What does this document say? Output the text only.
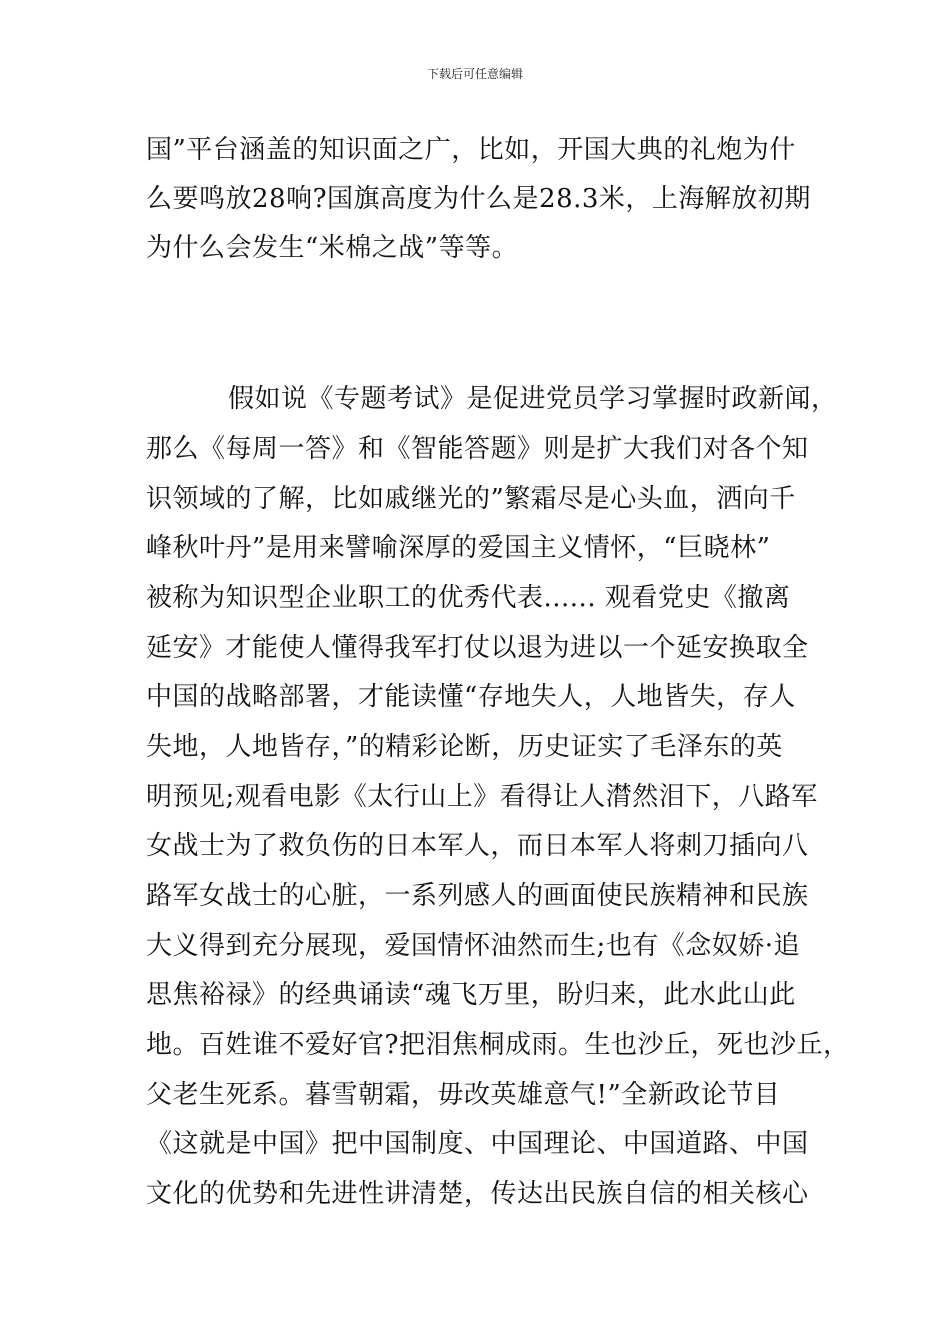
下载后可任意编辑
国”平台涵盖的知识面之广，比如，开国大典的礼炮为什
么要鸣放28响?国旗高度为什么是28.3米，上海解放初期
为什么会发生“米棉之战”等等。
假如说《专题考试》是促进党员学习掌握时政新闻，
那么《每周一答》和《智能答题》则是扩大我们对各个知
识领域的了解，比如戚继光的”繁霜尽是心头血，洒向千
峰秋叶丹”是用来譬喻深厚的爱国主义情怀，“巨晓林”
被称为知识型企业职工的优秀代表...... 观看党史《撤离
延安》才能使人懂得我军打仗以退为进以一个延安换取全
中国的战略部署，才能读懂“存地失人，人地皆失，存人
失地，人地皆存，”的精彩论断，历史证实了毛泽东的英
明预见;观看电影《太行山上》看得让人潸然泪下，八路军
女战士为了救负伤的日本军人，而日本军人将刺刀插向八
路军女战士的心脏，一系列感人的画面使民族精神和民族
大义得到充分展现，爱国情怀油然而生;也有《念奴娇·追
思焦裕禄》的经典诵读“魂飞万里，盼归来，此水此山此
地。百姓谁不爱好官?把泪焦桐成雨。生也沙丘，死也沙丘，
父老生死系。暮雪朝霜，毋改英雄意气!”全新政论节目
《这就是中国》把中国制度、中国理论、中国道路、中国
文化的优势和先进性讲清楚，传达出民族自信的相关核心
